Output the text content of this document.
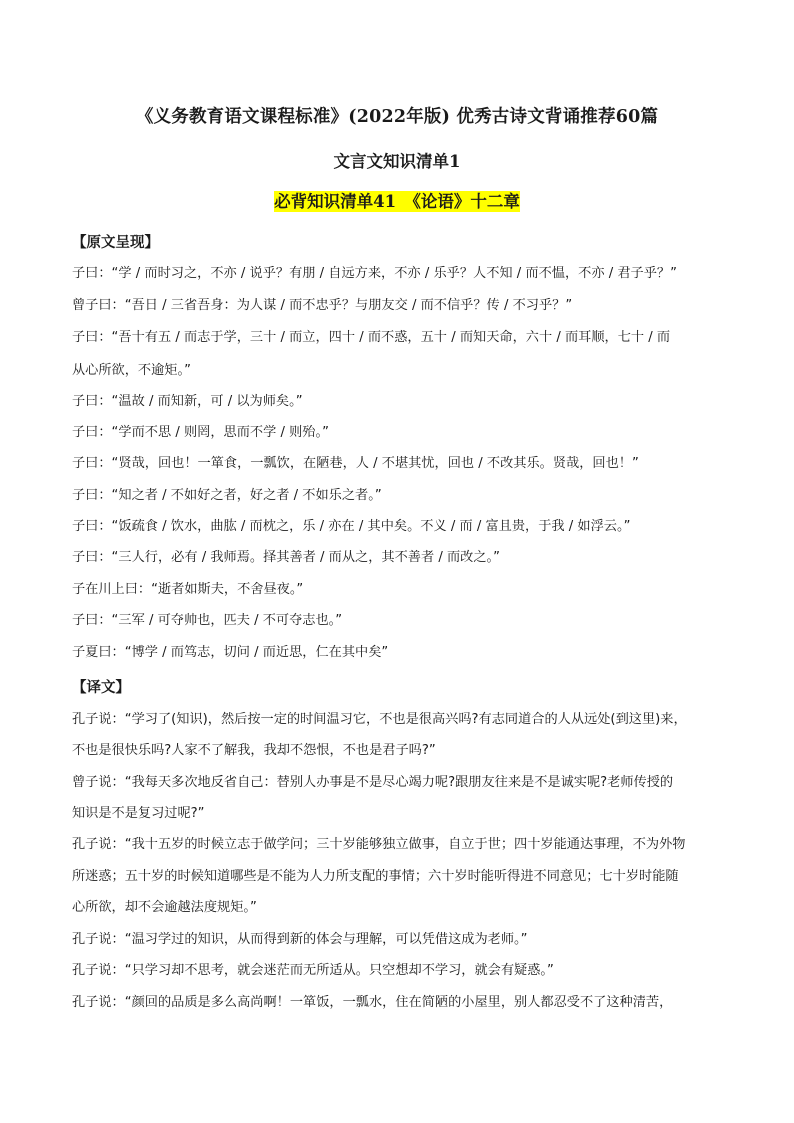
《义务教育语文课程标准》(2022年版) 优秀古诗文背诵推荐60篇
文言文知识清单1
必背知识清单41　《论语》十二章
【原文呈现】
子曰：“学 / 而时习之，不亦 / 说乎？有朋 / 自远方来，不亦 / 乐乎？人不知 / 而不愠，不亦 / 君子乎？”
曾子曰：“吾日 / 三省吾身：为人谋 / 而不忠乎？与朋友交 / 而不信乎？传 / 不习乎？”
子曰：“吾十有五 / 而志于学，三十 / 而立，四十 / 而不惑，五十 / 而知天命，六十 / 而耳顺，七十 / 而
从心所欲，不逾矩。”
子曰：“温故 / 而知新，可 / 以为师矣。”
子曰：“学而不思 / 则罔，思而不学 / 则殆。”
子曰：“贤哉，回也！一箪食，一瓢饮，在陋巷，人 / 不堪其忧，回也 / 不改其乐。贤哉，回也！”
子曰：“知之者 / 不如好之者，好之者 / 不如乐之者。”
子曰：“饭疏食 / 饮水，曲肱 / 而枕之，乐 / 亦在 / 其中矣。不义 / 而 / 富且贵，于我 / 如浮云。”
子曰：“三人行，必有 / 我师焉。择其善者 / 而从之，其不善者 / 而改之。”
子在川上曰：“逝者如斯夫，不舍昼夜。”
子曰：“三军 / 可夺帅也，匹夫 / 不可夺志也。”
子夏曰：“博学 / 而笃志，切问 / 而近思，仁在其中矣”
【译文】
孔子说：“学习了(知识)，然后按一定的时间温习它，不也是很高兴吗?有志同道合的人从远处(到这里)来，
不也是很快乐吗?人家不了解我，我却不怨恨，不也是君子吗?”
曾子说：“我每天多次地反省自己：替别人办事是不是尽心竭力呢?跟朋友往来是不是诚实呢?老师传授的
知识是不是复习过呢?”
孔子说：“我十五岁的时候立志于做学问；三十岁能够独立做事，自立于世；四十岁能通达事理，不为外物
所迷惑；五十岁的时候知道哪些是不能为人力所支配的事情；六十岁时能听得进不同意见；七十岁时能随
心所欲，却不会逾越法度规矩。”
孔子说：“温习学过的知识，从而得到新的体会与理解，可以凭借这成为老师。”
孔子说：“只学习却不思考，就会迷茫而无所适从。只空想却不学习，就会有疑惑。”
孔子说：“颜回的品质是多么高尚啊！一箪饭，一瓢水，住在简陋的小屋里，别人都忍受不了这种清苦，
